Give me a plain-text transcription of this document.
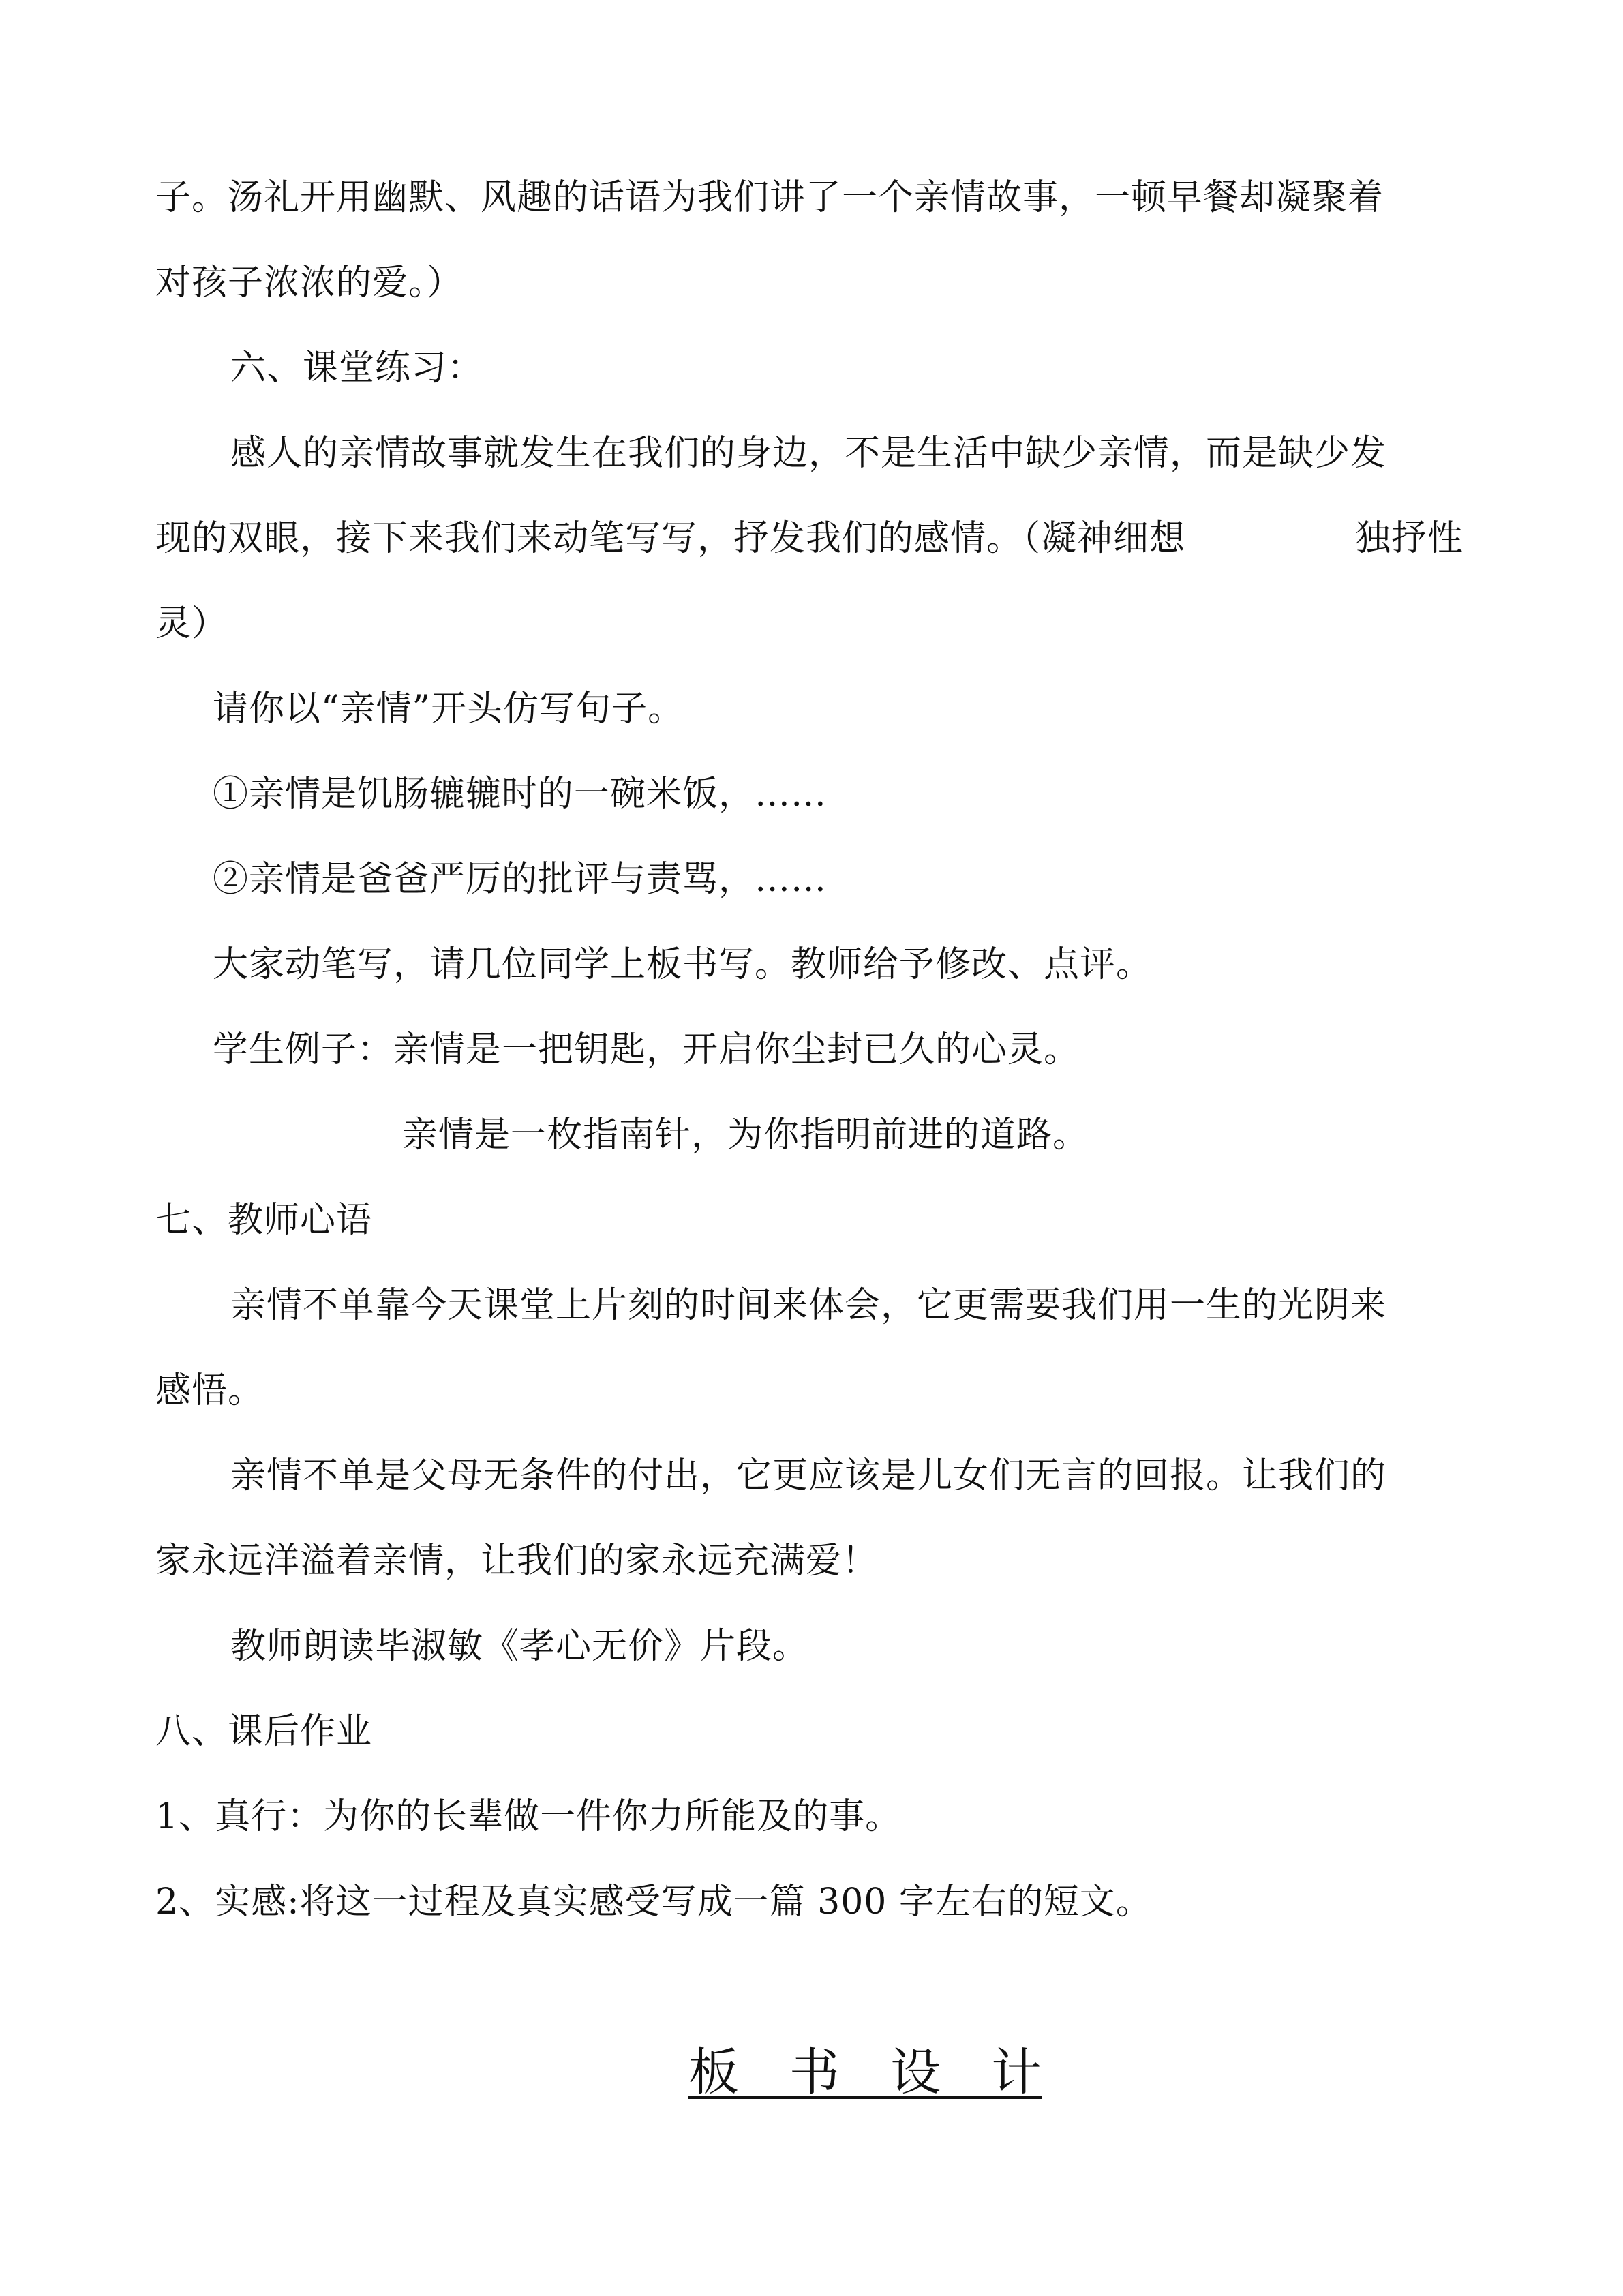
子。汤礼开用幽默、风趣的话语为我们讲了一个亲情故事，一顿早餐却凝聚着
对孩子浓浓的爱。）
六、课堂练习：
感人的亲情故事就发生在我们的身边，不是生活中缺少亲情，而是缺少发
现的双眼，接下来我们来动笔写写，抒发我们的感情。（凝神细想	独抒性
灵）
请你以“亲情”开头仿写句子。
①亲情是饥肠辘辘时的一碗米饭，……
②亲情是爸爸严厉的批评与责骂，……
大家动笔写，请几位同学上板书写。教师给予修改、点评。
学生例子：亲情是一把钥匙，开启你尘封已久的心灵。
亲情是一枚指南针，为你指明前进的道路。
七、教师心语
亲情不单靠今天课堂上片刻的时间来体会，它更需要我们用一生的光阴来
感悟。
亲情不单是父母无条件的付出，它更应该是儿女们无言的回报。让我们的
家永远洋溢着亲情，让我们的家永远充满爱！
教师朗读毕淑敏《孝心无价》片段。
八、课后作业
1、真行：为你的长辈做一件你力所能及的事。
2、实感:将这一过程及真实感受写成一篇 300 字左右的短文。
板　书　设　计
